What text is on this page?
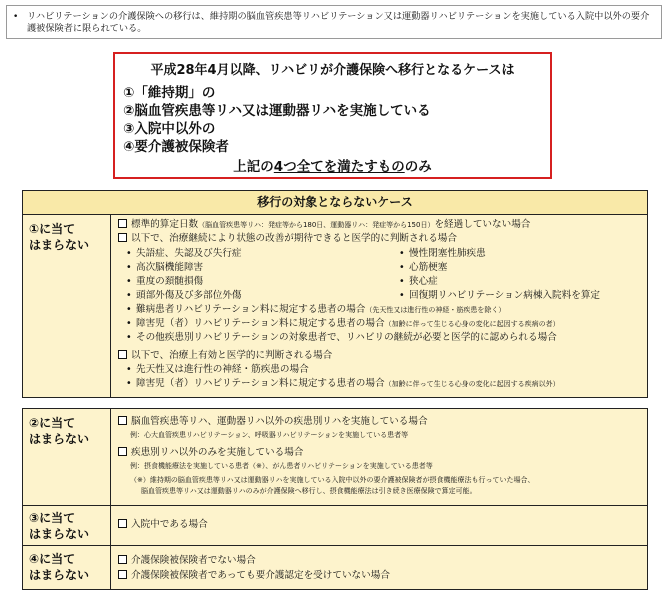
• リハビリテーションの介護保険への移行は、維持期の脳血管疾患等リハビリテーション又は運動器リハビリテーションを実施している入院中以外の要介護被保険者に限られている。
平成28年4月以降、リハビリが介護保険へ移行となるケースは
①「維持期」の
②脳血管疾患等リハ又は運動器リハを実施している
③入院中以外の
④要介護被保険者
上記の4つ全てを満たすもののみ
移行の対象とならないケース
①に当て
はまらない
標準的算定日数（脳血管疾患等リハ：発症等から180日、運動器リハ：発症等から150日）を経過していない場合
以下で、治療継続により状態の改善が期待できると医学的に判断される場合
• 失語症、失認及び失行症
• 高次脳機能障害
• 重度の頚髄損傷
• 頭部外傷及び多部位外傷
• 慢性閉塞性肺疾患
• 心筋梗塞
• 狭心症
• 回復期リハビリテーション病棟入院料を算定
• 難病患者リハビリテーション料に規定する患者の場合（先天性又は進行性の神経・筋疾患を除く）
• 障害児（者）リハビリテーション料に規定する患者の場合（加齢に伴って生じる心身の変化に起因する疾病の者）
• その他疾患別リハビリテーションの対象患者で、リハビリの継続が必要と医学的に認められる場合
以下で、治療上有効と医学的に判断される場合
• 先天性又は進行性の神経・筋疾患の場合
• 障害児（者）リハビリテーション料に規定する患者の場合（加齢に伴って生じる心身の変化に起因する疾病以外）
②に当て
はまらない
脳血管疾患等リハ、運動器リハ以外の疾患別リハを実施している場合
例：心大血管疾患リハビリテーション、呼吸器リハビリテーションを実施している患者等
疾患別リハ以外のみを実施している場合
例：摂食機能療法を実施している患者（※）、がん患者リハビリテーションを実施している患者等
（※）維持期の脳血管疾患等リハ又は運動器リハを実施している入院中以外の要介護被保険者が摂食機能療法も行っていた場合、
脳血管疾患等リハ又は運動器リハのみが介護保険へ移行し、摂食機能療法は引き続き医療保険で算定可能。
③に当て
はまらない
入院中である場合
④に当て
はまらない
介護保険被保険者でない場合
介護保険被保険者であっても要介護認定を受けていない場合
